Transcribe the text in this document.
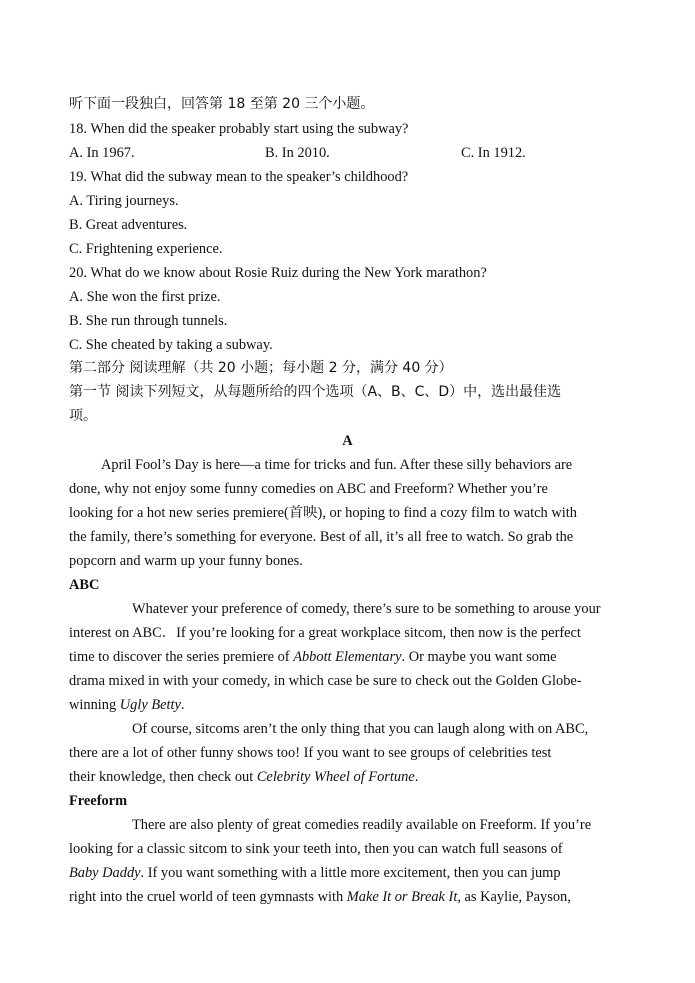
听下面一段独白，回答第 18 至第 20 三个小题。
18. When did the speaker probably start using the subway?
A. In 1967.	B. In 2010.	C. In 1912.
19. What did the subway mean to the speaker’s childhood?
A. Tiring journeys.
B. Great adventures.
C. Frightening experience.
20. What do we know about Rosie Ruiz during the New York marathon?
A. She won the first prize.
B. She run through tunnels.
C. She cheated by taking a subway.
第二部分 阅读理解（共 20 小题；每小题 2 分，满分 40 分）
第一节 阅读下列短文，从每题所给的四个选项（A、B、C、D）中，选出最佳选
项。
A
April Fool’s Day is here—a time for tricks and fun. After these silly behaviors are
done, why not enjoy some funny comedies on ABC and Freeform? Whether you’re
looking for a hot new series premiere(首映), or hoping to find a cozy film to watch with
the family, there’s something for everyone. Best of all, it’s all free to watch. So grab the
popcorn and warm up your funny bones.
ABC
Whatever your preference of comedy, there’s sure to be something to arouse your
interest on ABC．If you’re looking for a great workplace sitcom, then now is the perfect
time to discover the series premiere of Abbott Elementary. Or maybe you want some
drama mixed in with your comedy, in which case be sure to check out the Golden Globe-
winning Ugly Betty.
Of course, sitcoms aren’t the only thing that you can laugh along with on ABC,
there are a lot of other funny shows too! If you want to see groups of celebrities test
their knowledge, then check out Celebrity Wheel of Fortune.
Freeform
There are also plenty of great comedies readily available on Freeform. If you’re
looking for a classic sitcom to sink your teeth into, then you can watch full seasons of
Baby Daddy. If you want something with a little more excitement, then you can jump
right into the cruel world of teen gymnasts with Make It or Break It, as Kaylie, Payson,
